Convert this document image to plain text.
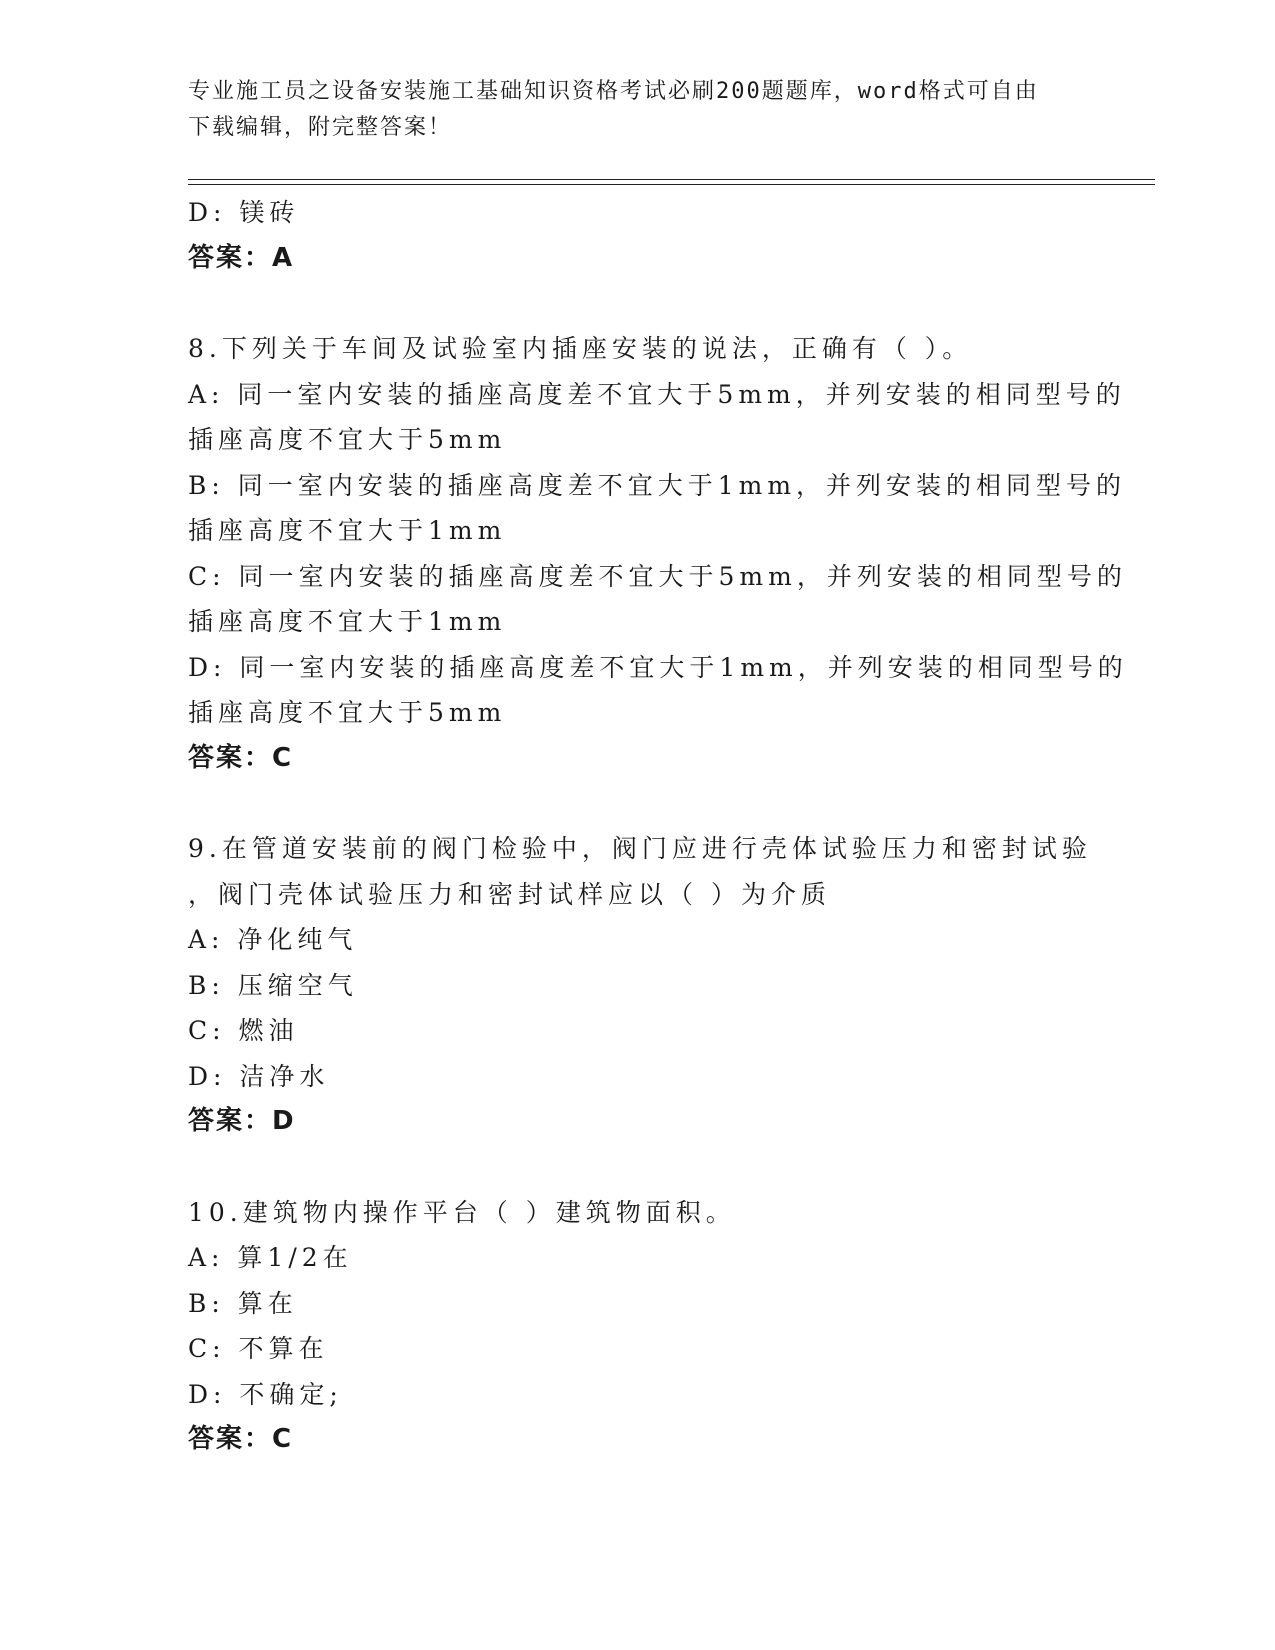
专业施工员之设备安装施工基础知识资格考试必刷200题题库，word格式可自由
下载编辑，附完整答案！
D: 镁砖
答案：A
8.下列关于车间及试验室内插座安装的说法，正确有（ ）。
A: 同一室内安装的插座高度差不宜大于5mm，并列安装的相同型号的
插座高度不宜大于5mm
B: 同一室内安装的插座高度差不宜大于1mm，并列安装的相同型号的
插座高度不宜大于1mm
C: 同一室内安装的插座高度差不宜大于5mm，并列安装的相同型号的
插座高度不宜大于1mm
D: 同一室内安装的插座高度差不宜大于1mm，并列安装的相同型号的
插座高度不宜大于5mm
答案：C
9.在管道安装前的阀门检验中，阀门应进行壳体试验压力和密封试验
，阀门壳体试验压力和密封试样应以（ ）为介质
A: 净化纯气
B: 压缩空气
C: 燃油
D: 洁净水
答案：D
10.建筑物内操作平台（ ）建筑物面积。
A: 算1/2在
B: 算在
C: 不算在
D: 不确定;
答案：C
